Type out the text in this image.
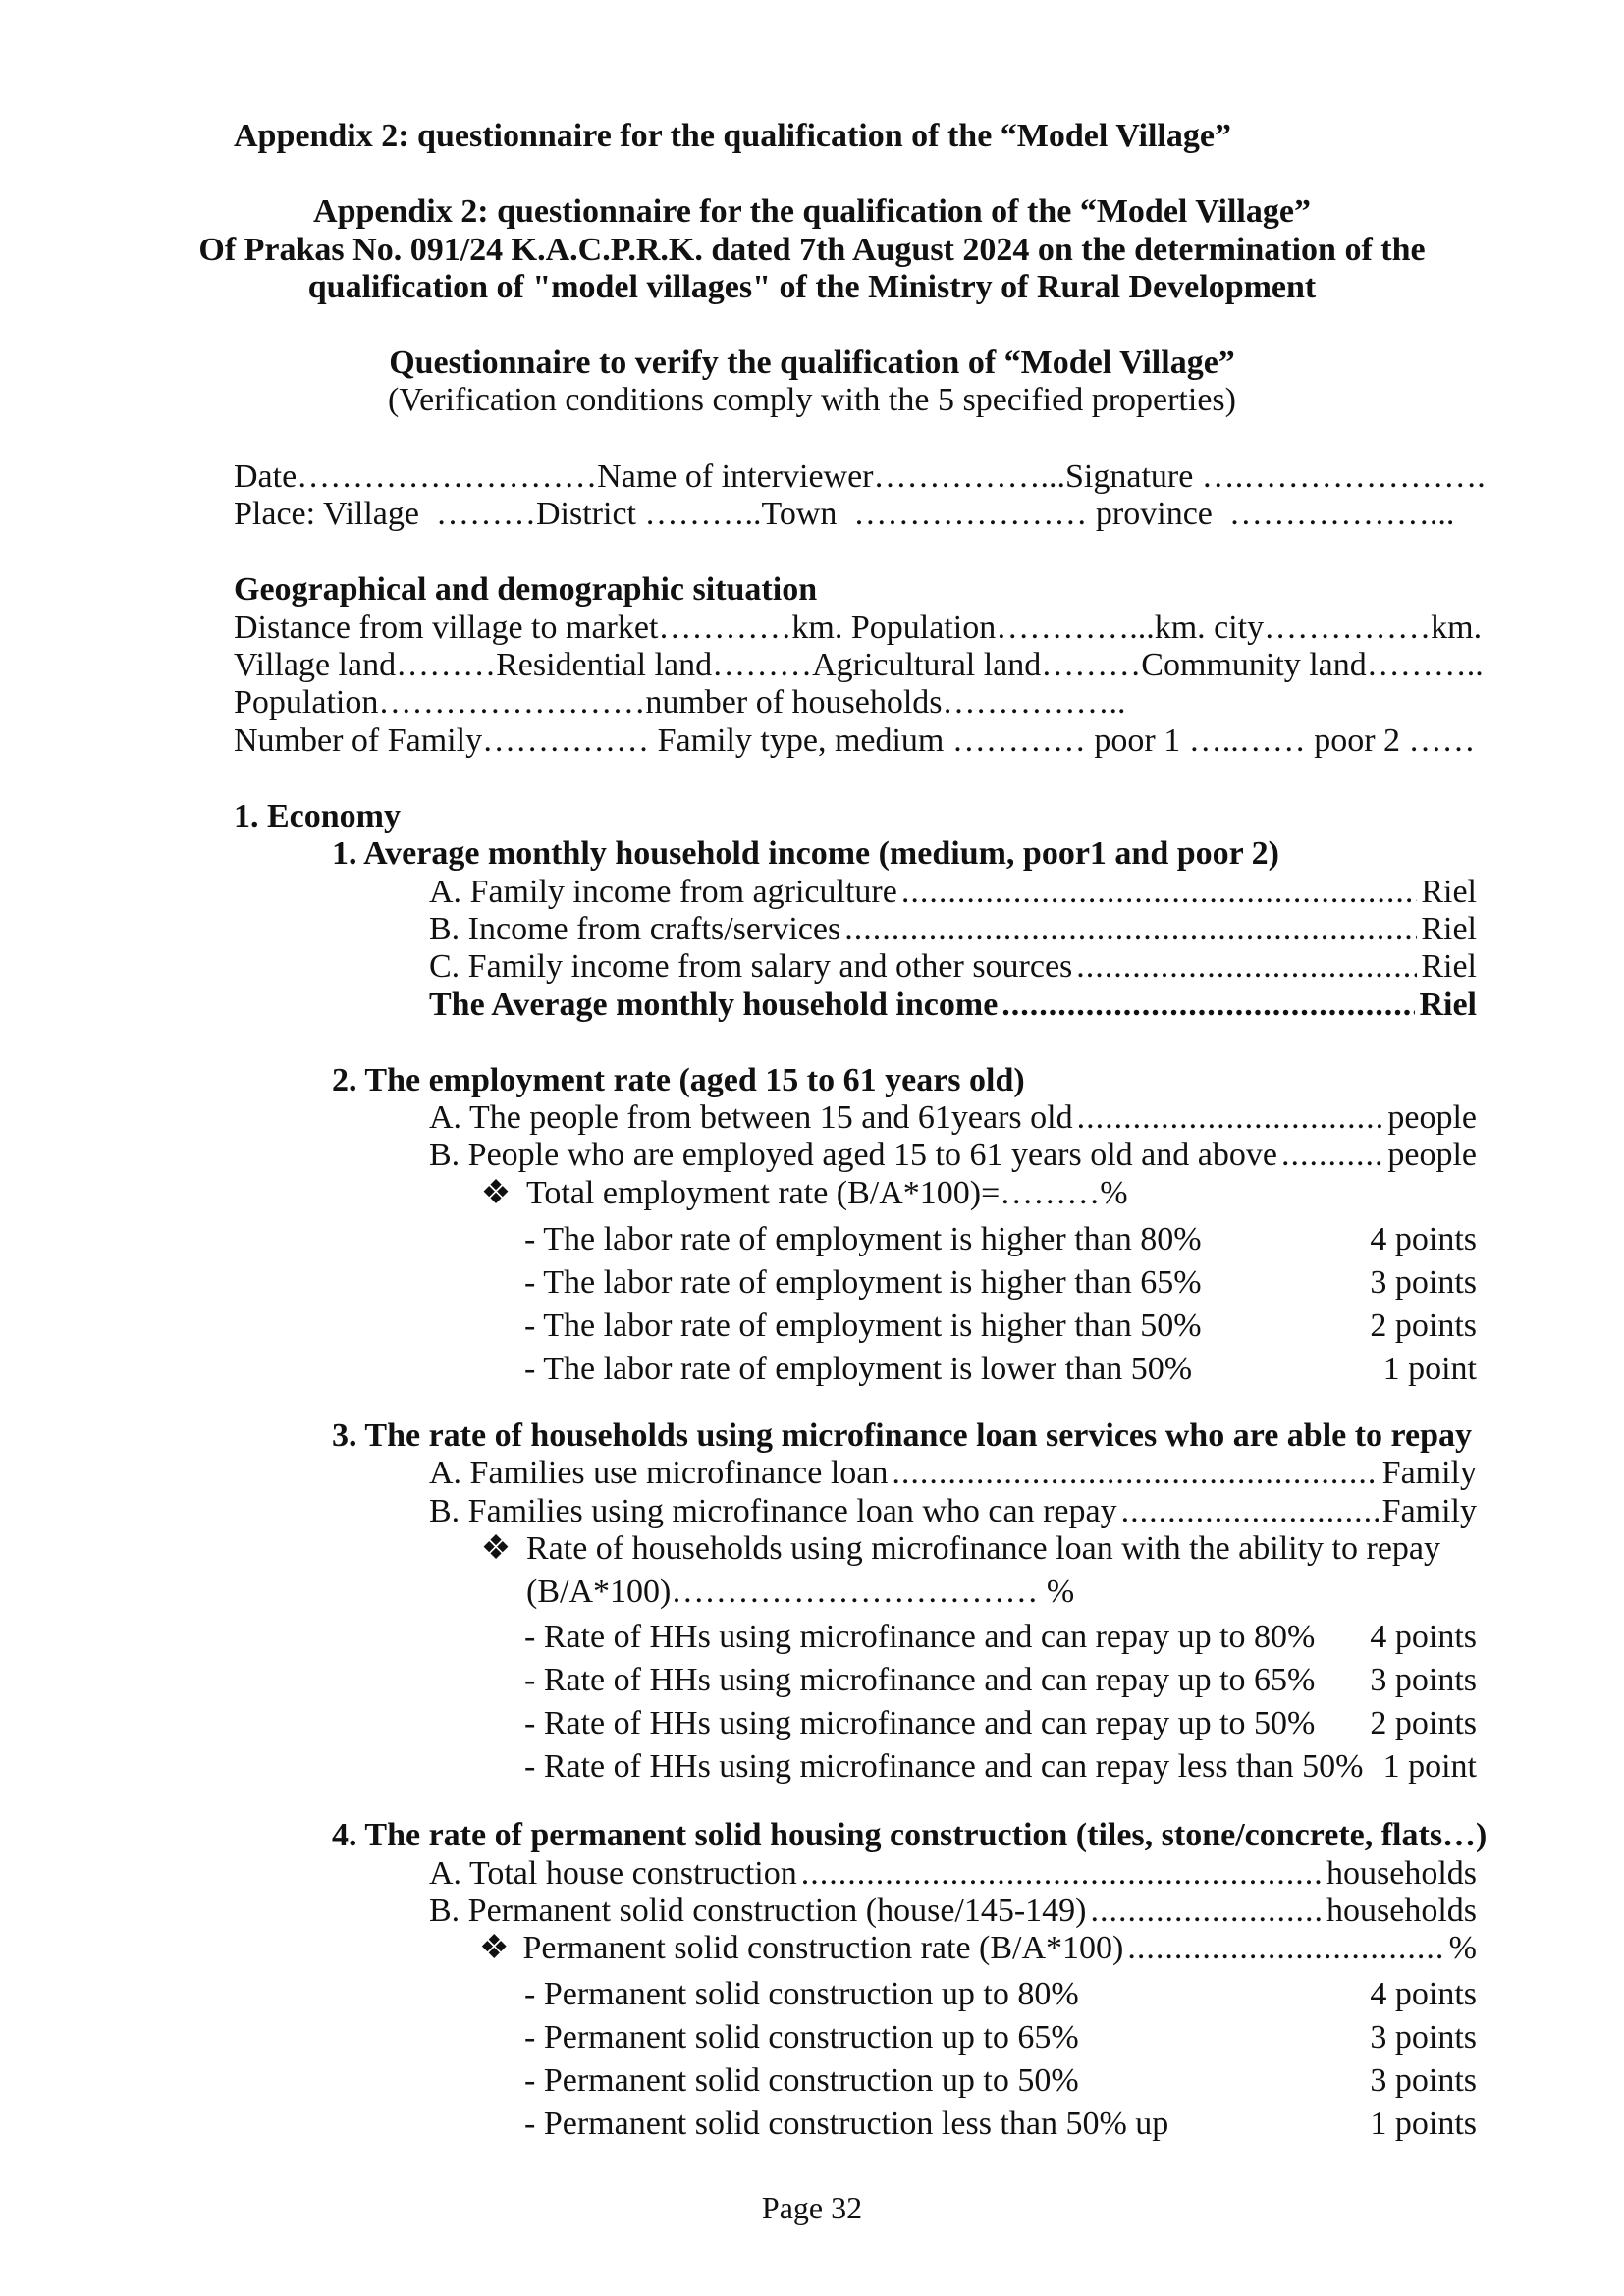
Appendix 2: questionnaire for the qualification of the “Model Village”
Appendix 2: questionnaire for the qualification of the “Model Village”
Of Prakas No. 091/24 K.A.C.P.R.K. dated 7th August 2024 on the determination of the
qualification of "model villages" of the Ministry of Rural Development
Questionnaire to verify the qualification of “Model Village”
(Verification conditions comply with the 5 specified properties)
Date………………………Name of interviewer……………...Signature ….………………….
Place: Village  ………District ………..Town  ………………… province  ………………...
Geographical and demographic situation
Distance from village to market…………km. Population…………...km. city……………km.
Village land………Residential land………Agricultural land………Community land………..
Population……………………number of households……………..
Number of Family…………… Family type, medium ………… poor 1 …..…… poor 2 ……
1. Economy
1. Average monthly household income (medium, poor1 and poor 2)
A. Family income from agriculture .....	Riel
B. Income from crafts/services .....	Riel
C. Family income from salary and other sources .....	Riel
The Average monthly household income .....	Riel
2. The employment rate (aged 15 to 61 years old)
A. The people from between 15 and 61years old .....	people
B. People who are employed aged 15 to 61 years old and above .....	people
❖ Total employment rate (B/A*100)=………%
- The labor rate of employment is higher than 80%	4 points
- The labor rate of employment is higher than 65%	3 points
- The labor rate of employment is higher than 50%	2 points
- The labor rate of employment is lower than 50%	1 point
3. The rate of households using microfinance loan services who are able to repay
A. Families use microfinance loan .....	Family
B. Families using microfinance loan who can repay .....	Family
❖ Rate of households using microfinance loan with the ability to repay
(B/A*100)…………………………… %
- Rate of HHs using microfinance and can repay up to 80% 4 points
- Rate of HHs using microfinance and can repay up to 65% 3 points
- Rate of HHs using microfinance and can repay up to 50% 2 points
- Rate of HHs using microfinance and can repay less than 50% 1 point
4. The rate of permanent solid housing construction (tiles, stone/concrete, flats…)
A. Total house construction .....	households
B. Permanent solid construction (house/145-149) .....	households
❖ Permanent solid construction rate (B/A*100) .....	%
- Permanent solid construction up to 80%	4 points
- Permanent solid construction up to 65%	3 points
- Permanent solid construction up to 50%	3 points
- Permanent solid construction less than 50% up	1 points
Page 32
